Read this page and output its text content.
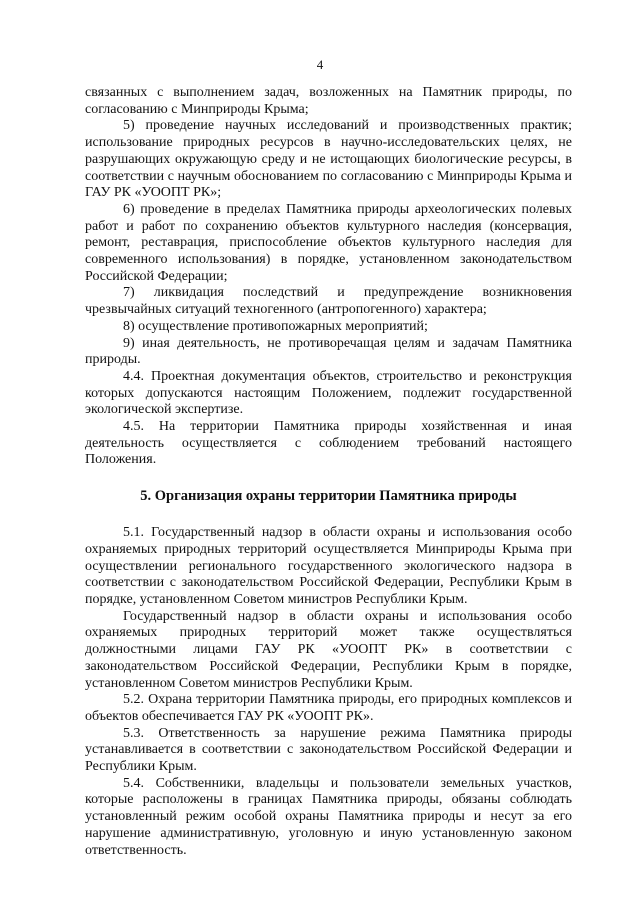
4

связанных с выполнением задач, возложенных на Памятник природы, по согласованию с Минприроды Крыма;

5) проведение научных исследований и производственных практик; использование природных ресурсов в научно-исследовательских целях, не разрушающих окружающую среду и не истощающих биологические ресурсы, в соответствии с научным обоснованием по согласованию с Минприроды Крыма и ГАУ РК «УООПТ РК»;

6) проведение в пределах Памятника природы археологических полевых работ и работ по сохранению объектов культурного наследия (консервация, ремонт, реставрация, приспособление объектов культурного наследия для современного использования) в порядке, установленном законодательством Российской Федерации;

7) ликвидация последствий и предупреждение возникновения чрезвычайных ситуаций техногенного (антропогенного) характера;

8) осуществление противопожарных мероприятий;

9) иная деятельность, не противоречащая целям и задачам Памятника природы.

4.4. Проектная документация объектов, строительство и реконструкция которых допускаются настоящим Положением, подлежит государственной экологической экспертизе.

4.5. На территории Памятника природы хозяйственная и иная деятельность осуществляется с соблюдением требований настоящего Положения.

5. Организация охраны территории Памятника природы

5.1. Государственный надзор в области охраны и использования особо охраняемых природных территорий осуществляется Минприроды Крыма при осуществлении регионального государственного экологического надзора в соответствии с законодательством Российской Федерации, Республики Крым в порядке, установленном Советом министров Республики Крым.

Государственный надзор в области охраны и использования особо охраняемых природных территорий может также осуществляться должностными лицами ГАУ РК «УООПТ РК» в соответствии с законодательством Российской Федерации, Республики Крым в порядке, установленном Советом министров Республики Крым.

5.2. Охрана территории Памятника природы, его природных комплексов и объектов обеспечивается ГАУ РК «УООПТ РК».

5.3. Ответственность за нарушение режима Памятника природы устанавливается в соответствии с законодательством Российской Федерации и Республики Крым.

5.4. Собственники, владельцы и пользователи земельных участков, которые расположены в границах Памятника природы, обязаны соблюдать установленный режим особой охраны Памятника природы и несут за его нарушение административную, уголовную и иную установленную законом ответственность.
